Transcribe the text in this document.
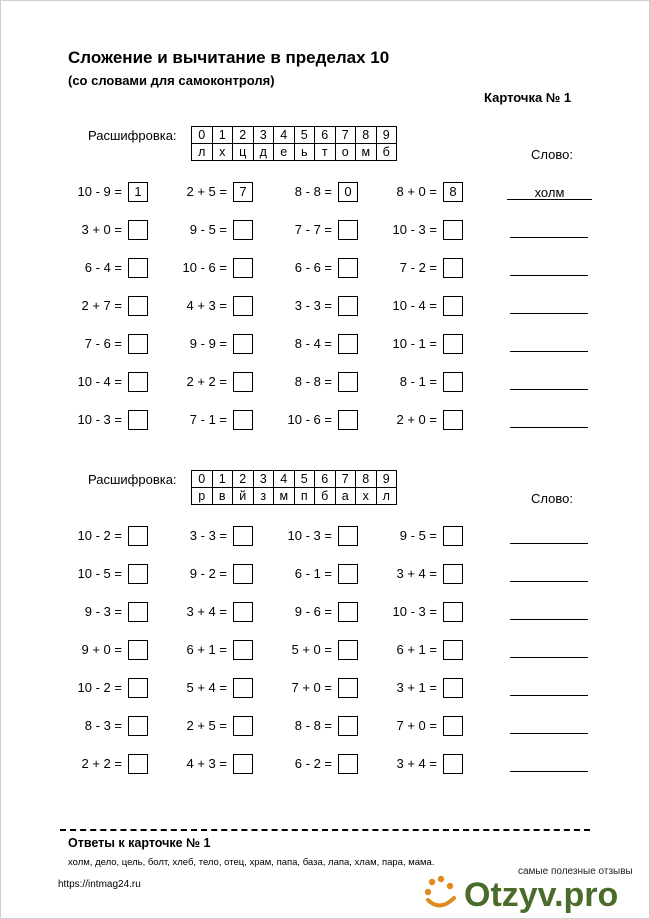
Сложение и вычитание в пределах 10
(со словами для самоконтроля)
Карточка № 1
Расшифровка: 0	1	2	3	4	5	6	7	8	9
л	х	ц	д	е	ь	т	о	м	б	Слово:
10 - 9 = 1	2 + 5 = 7	8 - 8 = 0	8 + 0 = 8	холм
3 + 0 =	9 - 5 =	7 - 7 =	10 - 3 =
6 - 4 =	10 - 6 =	6 - 6 =	7 - 2 =
2 + 7 =	4 + 3 =	3 - 3 =	10 - 4 =
7 - 6 =	9 - 9 =	8 - 4 =	10 - 1 =
10 - 4 =	2 + 2 =	8 - 8 =	8 - 1 =
10 - 3 =	7 - 1 =	10 - 6 =	2 + 0 =
Расшифровка: 0	1	2	3	4	5	6	7	8	9
р	в	й	з	м	п	б	а	х	л	Слово:
10 - 2 =	3 - 3 =	10 - 3 =	9 - 5 =
10 - 5 =	9 - 2 =	6 - 1 =	3 + 4 =
9 - 3 =	3 + 4 =	9 - 6 =	10 - 3 =
9 + 0 =	6 + 1 =	5 + 0 =	6 + 1 =
10 - 2 =	5 + 4 =	7 + 0 =	3 + 1 =
8 - 3 =	2 + 5 =	8 - 8 =	7 + 0 =
2 + 2 =	4 + 3 =	6 - 2 =	3 + 4 =
Ответы к карточке № 1
холм, дело, цель, болт, хлеб, тело, отец, храм, папа, база, лапа, хлам, пара, мама.
https://intmag24.ru
самые полезные отзывы
Otzyv.pro
